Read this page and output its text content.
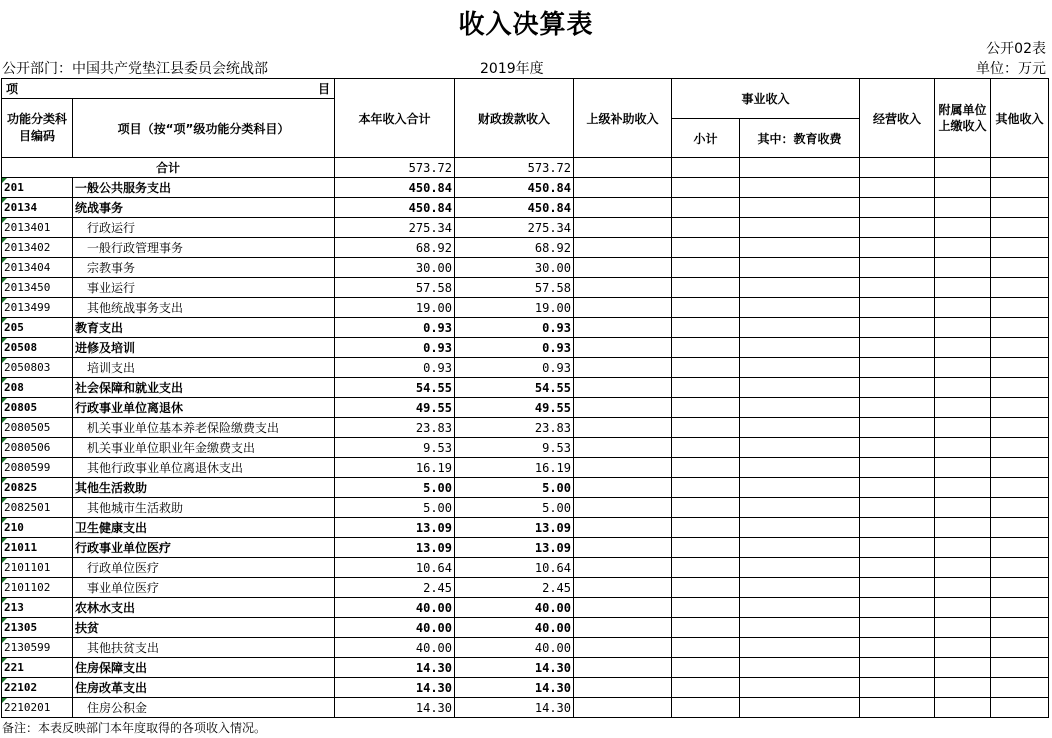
收入决算表
公开02表
公开部门：中国共产党垫江县委员会统战部	2019年度	单位：万元
项 目		本年收入合计	财政拨款收入	上级补助收入	事业收入		经营收入	附属单位上缴收入	其他收入
功能分类科目编码	项目（按“项”级功能分类科目）								
					小计	其中：教育收费			
合计		573.72	573.72						
201	一般公共服务支出	450.84	450.84						
20134	统战事务	450.84	450.84						
2013401	行政运行	275.34	275.34						
2013402	一般行政管理事务	68.92	68.92						
2013404	宗教事务	30.00	30.00						
2013450	事业运行	57.58	57.58						
2013499	其他统战事务支出	19.00	19.00						
205	教育支出	0.93	0.93						
20508	进修及培训	0.93	0.93						
2050803	培训支出	0.93	0.93						
208	社会保障和就业支出	54.55	54.55						
20805	行政事业单位离退休	49.55	49.55						
2080505	机关事业单位基本养老保险缴费支出	23.83	23.83						
2080506	机关事业单位职业年金缴费支出	9.53	9.53						
2080599	其他行政事业单位离退休支出	16.19	16.19						
20825	其他生活救助	5.00	5.00						
2082501	其他城市生活救助	5.00	5.00						
210	卫生健康支出	13.09	13.09						
21011	行政事业单位医疗	13.09	13.09						
2101101	行政单位医疗	10.64	10.64						
2101102	事业单位医疗	2.45	2.45						
213	农林水支出	40.00	40.00						
21305	扶贫	40.00	40.00						
2130599	其他扶贫支出	40.00	40.00						
221	住房保障支出	14.30	14.30						
22102	住房改革支出	14.30	14.30						
2210201	住房公积金	14.30	14.30						
备注：本表反映部门本年度取得的各项收入情况。
